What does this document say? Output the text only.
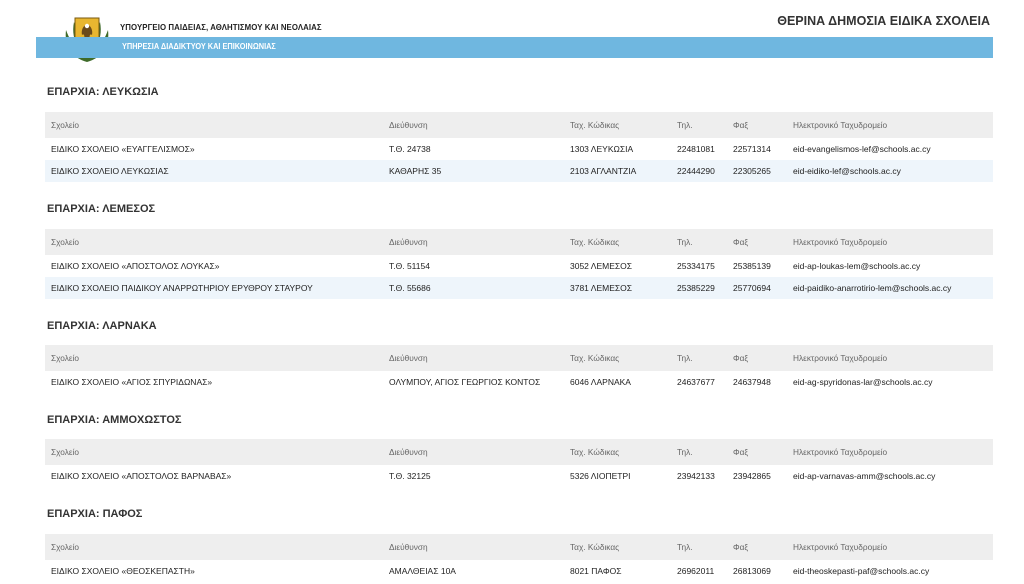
ΥΠΟΥΡΓΕΙΟ ΠΑΙΔΕΙΑΣ, ΑΘΛΗΤΙΣΜΟΥ ΚΑΙ ΝΕΟΛΑΙΑΣ	ΘΕΡΙΝΑ ΔΗΜΟΣΙΑ ΕΙΔΙΚΑ ΣΧΟΛΕΙΑ
ΥΠΗΡΕΣΙΑ ΔΙΑΔΙΚΤΥΟΥ ΚΑΙ ΕΠΙΚΟΙΝΩΝΙΑΣ
ΕΠΑΡΧΙΑ: ΛΕΥΚΩΣΙΑ
Σχολείο	Διεύθυνση	Ταχ. Κώδικας	Τηλ.	Φαξ	Ηλεκτρονικό Ταχυδρομείο
ΕΙΔΙΚΟ ΣΧΟΛΕΙΟ «ΕΥΑΓΓΕΛΙΣΜΟΣ»	Τ.Θ. 24738	1303 ΛΕΥΚΩΣΙΑ	22481081	22571314	eid-evangelismos-lef@schools.ac.cy
ΕΙΔΙΚΟ ΣΧΟΛΕΙΟ ΛΕΥΚΩΣΙΑΣ	ΚΑΘΑΡΗΣ 35	2103 ΑΓΛΑΝΤΖΙΑ	22444290	22305265	eid-eidiko-lef@schools.ac.cy
ΕΠΑΡΧΙΑ: ΛΕΜΕΣΟΣ
Σχολείο	Διεύθυνση	Ταχ. Κώδικας	Τηλ.	Φαξ	Ηλεκτρονικό Ταχυδρομείο
ΕΙΔΙΚΟ ΣΧΟΛΕΙΟ «ΑΠΟΣΤΟΛΟΣ ΛΟΥΚΑΣ»	Τ.Θ. 51154	3052 ΛΕΜΕΣΟΣ	25334175	25385139	eid-ap-loukas-lem@schools.ac.cy
ΕΙΔΙΚΟ ΣΧΟΛΕΙΟ ΠΑΙΔΙΚΟΥ ΑΝΑΡΡΩΤΗΡΙΟΥ ΕΡΥΘΡΟΥ ΣΤΑΥΡΟΥ	Τ.Θ. 55686	3781 ΛΕΜΕΣΟΣ	25385229	25770694	eid-paidiko-anarrotirio-lem@schools.ac.cy
ΕΠΑΡΧΙΑ: ΛΑΡΝΑΚΑ
Σχολείο	Διεύθυνση	Ταχ. Κώδικας	Τηλ.	Φαξ	Ηλεκτρονικό Ταχυδρομείο
ΕΙΔΙΚΟ ΣΧΟΛΕΙΟ «ΑΓΙΟΣ ΣΠΥΡΙΔΩΝΑΣ»	ΟΛΥΜΠΟΥ, ΑΓΙΟΣ ΓΕΩΡΓΙΟΣ ΚΟΝΤΟΣ	6046 ΛΑΡΝΑΚΑ	24637677	24637948	eid-ag-spyridonas-lar@schools.ac.cy
ΕΠΑΡΧΙΑ: ΑΜΜΟΧΩΣΤΟΣ
Σχολείο	Διεύθυνση	Ταχ. Κώδικας	Τηλ.	Φαξ	Ηλεκτρονικό Ταχυδρομείο
ΕΙΔΙΚΟ ΣΧΟΛΕΙΟ «ΑΠΟΣΤΟΛΟΣ ΒΑΡΝΑΒΑΣ»	Τ.Θ. 32125	5326 ΛΙΟΠΕΤΡΙ	23942133	23942865	eid-ap-varnavas-amm@schools.ac.cy
ΕΠΑΡΧΙΑ: ΠΑΦΟΣ
Σχολείο	Διεύθυνση	Ταχ. Κώδικας	Τηλ.	Φαξ	Ηλεκτρονικό Ταχυδρομείο
ΕΙΔΙΚΟ ΣΧΟΛΕΙΟ «ΘΕΟΣΚΕΠΑΣΤΗ»	ΑΜΑΛΘΕΙΑΣ 10Α	8021 ΠΑΦΟΣ	26962011	26813069	eid-theoskepasti-paf@schools.ac.cy
